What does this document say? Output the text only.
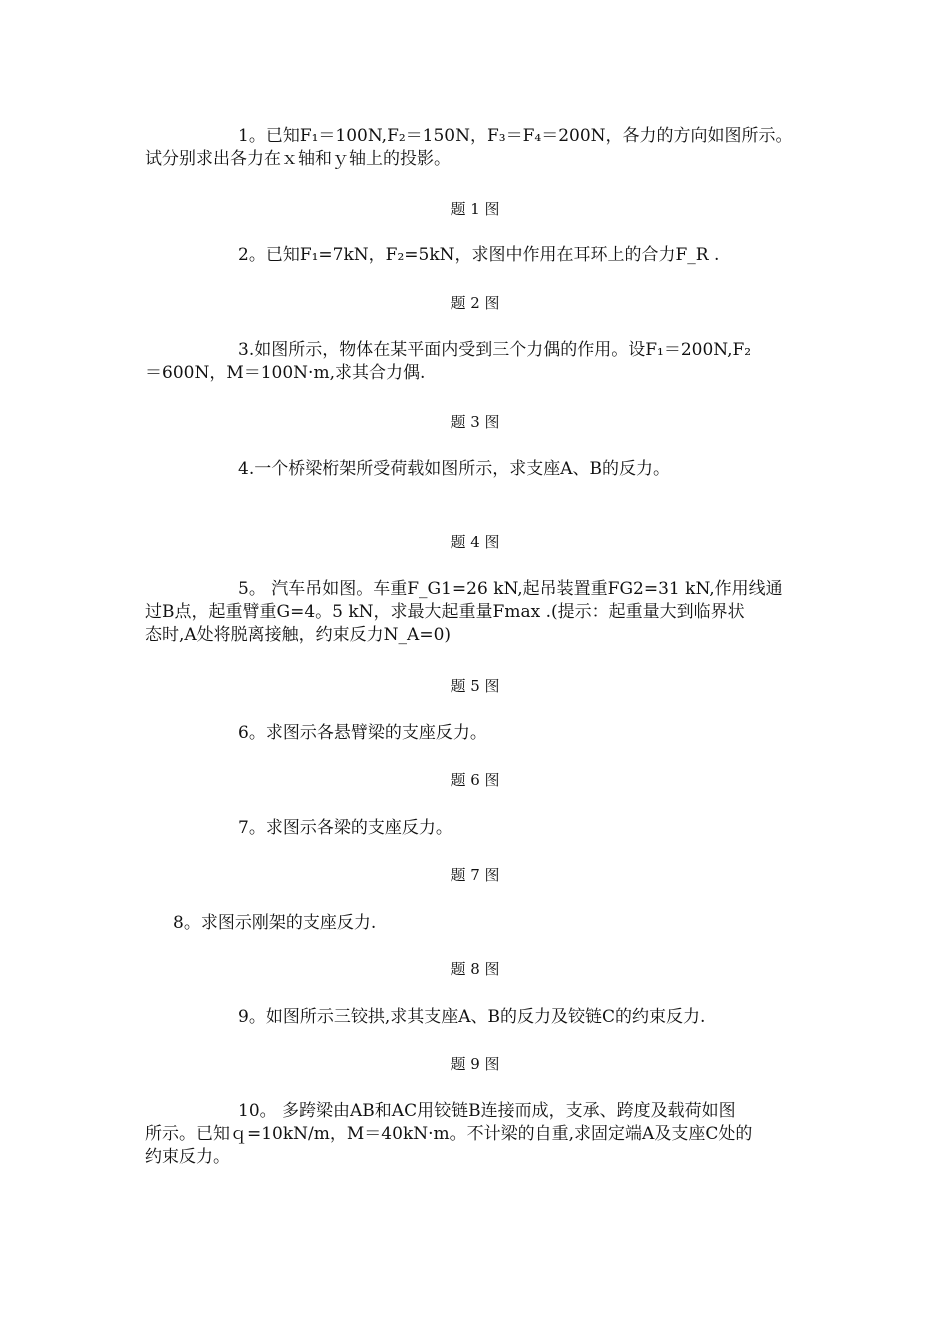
1。已知F₁＝100N,F₂＝150N，F₃＝F₄＝200N，各力的方向如图所示。
试分别求出各力在ｘ轴和ｙ轴上的投影。

题 1 图

2。已知F₁=7kN，F₂=5kN，求图中作用在耳环上的合力F_R .

题 2 图

3.如图所示，物体在某平面内受到三个力偶的作用。设F₁＝200N,F₂
＝600N，M＝100N·m,求其合力偶.

题 3 图

4.一个桥梁桁架所受荷载如图所示，求支座A、B的反力。

题 4 图

5。 汽车吊如图。车重F_G1=26 kN,起吊装置重FG2=31 kN,作用线通
过B点，起重臂重G=4。5 kN，求最大起重量Fmax .(提示：起重量大到临界状
态时,A处将脱离接触，约束反力N_A=0)

题 5 图

6。求图示各悬臂梁的支座反力。

题 6 图

7。求图示各梁的支座反力。

题 7 图

8。求图示刚架的支座反力.

题 8 图

9。如图所示三铰拱,求其支座A、B的反力及铰链C的约束反力.

题 9 图

10。 多跨梁由AB和AC用铰链B连接而成，支承、跨度及载荷如图
所示。已知ｑ=10kN/m，M＝40kN·m。不计梁的自重,求固定端A及支座C处的
约束反力。
